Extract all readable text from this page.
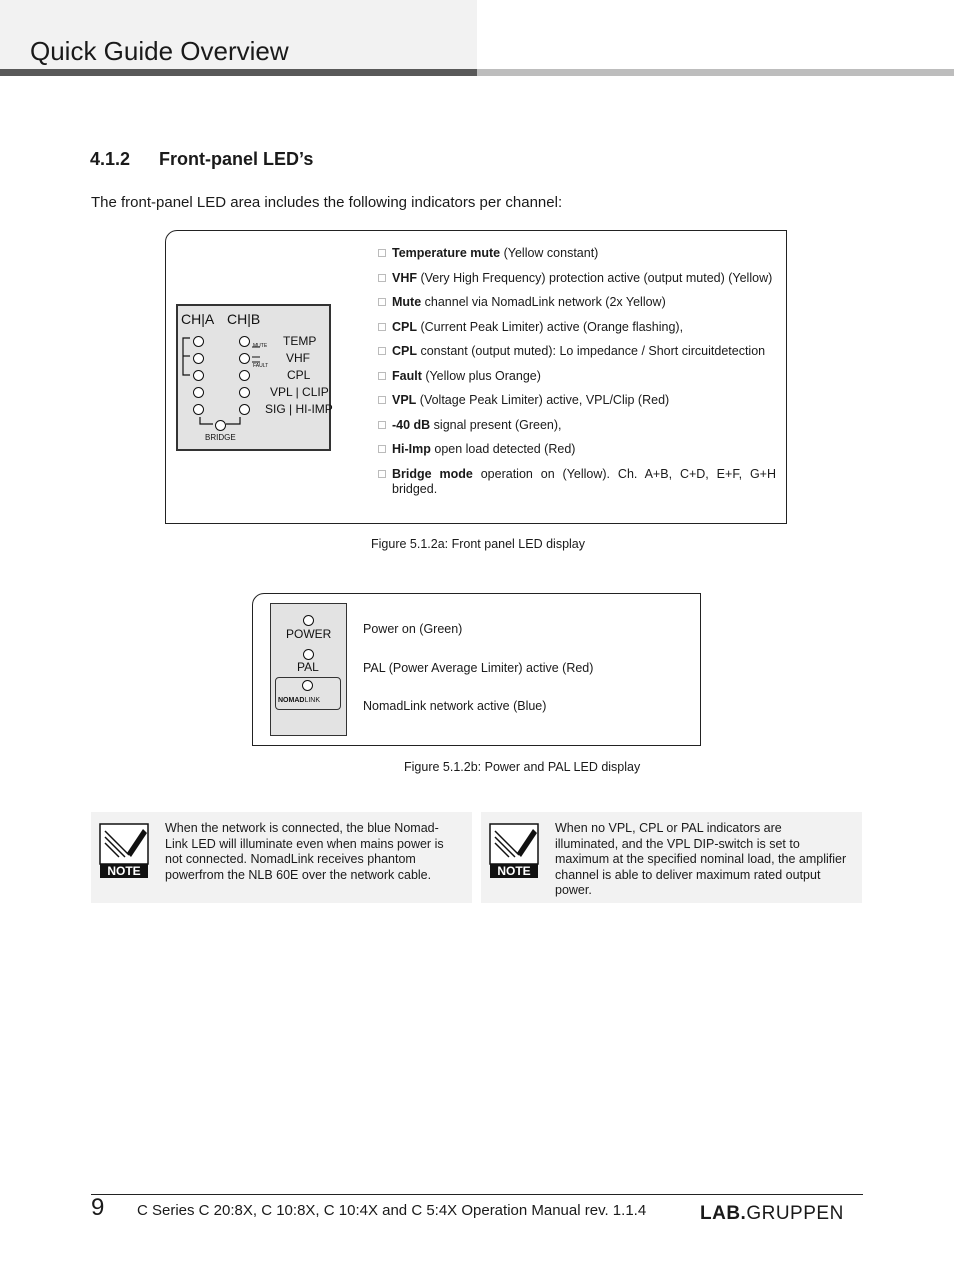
Quick Guide Overview
4.1.2 Front-panel LED’s
The front-panel LED area includes the following indicators per channel:
CH|A CH|B
TEMP
VHF
CPL
VPL | CLIP
SIG | HI-IMP
MUTE
FAULT
BRIDGE
Temperature mute (Yellow constant)
VHF (Very High Frequency) protection active (output muted) (Yellow)
Mute channel via NomadLink network (2x Yellow)
CPL (Current Peak Limiter) active (Orange flashing),
CPL constant (output muted): Lo impedance / Short circuitdetection
Fault (Yellow plus Orange)
VPL (Voltage Peak Limiter) active, VPL/Clip (Red)
-40 dB signal present (Green),
Hi-Imp open load detected (Red)
Bridge mode operation on (Yellow). Ch. A+B, C+D, E+F, G+H bridged.
Figure 5.1.2a: Front panel LED display
POWER
PAL
NOMADLINK
Power on (Green)
PAL (Power Average Limiter) active (Red)
NomadLink network active (Blue)
Figure 5.1.2b: Power and PAL LED display
NOTE
When the network is connected, the blue Nomad-Link LED will illuminate even when mains power is not connected. NomadLink receives phantom powerfrom the NLB 60E over the network cable.	NOTE
When no VPL, CPL or PAL indicators are illuminated, and the VPL DIP-switch is set to maximum at the specified nominal load, the amplifier channel is able to deliver maximum rated output power.
9 C Series C 20:8X, C 10:8X, C 10:4X and C 5:4X Operation Manual rev. 1.1.4	LAB.GRUPPEN
